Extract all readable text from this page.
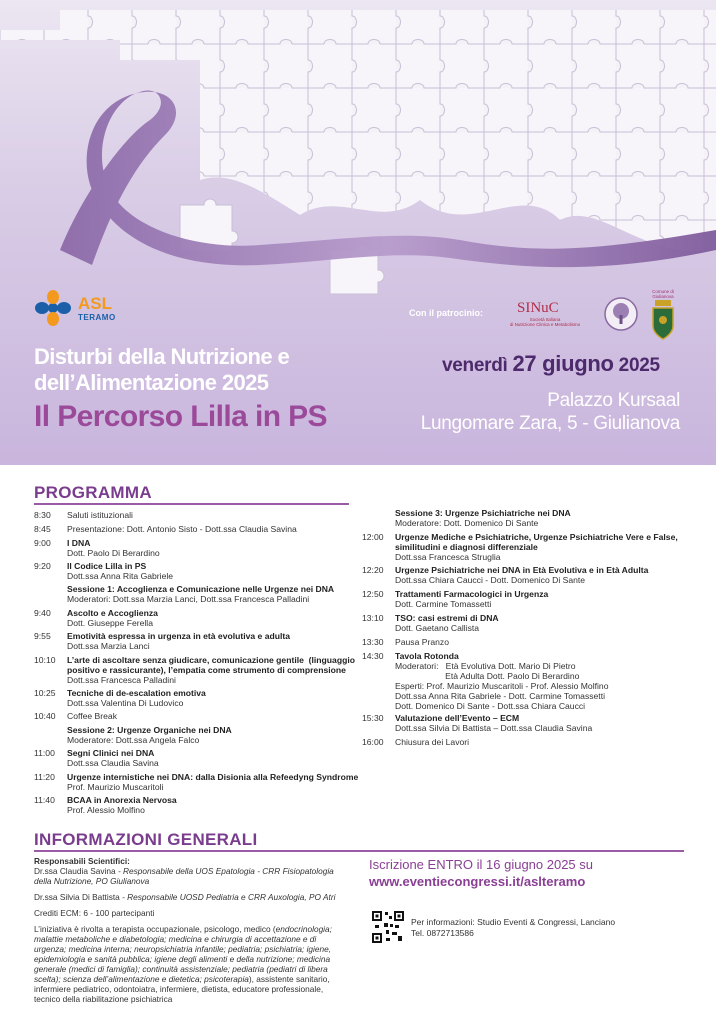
ASL
TERAMO
Disturbi della Nutrizione e
dell’Alimentazione 2025
Il Percorso Lilla in PS
Con il patrocinio: SINuC
Società Italiana
di Nutrizione Clinica e Metabolismo
Comune di Giulianova
venerdì 27 giugno 2025
Palazzo Kursaal
Lungomare Zara, 5 - Giulianova
PROGRAMMA
8:30	Saluti istituzionali
8:45	Presentazione: Dott. Antonio Sisto - Dott.ssa Claudia Savina
9:00	I DNA
Dott. Paolo Di Berardino
9:20	Il Codice Lilla in PS
Dott.ssa Anna Rita Gabriele
Sessione 1: Accoglienza e Comunicazione nelle Urgenze nei DNA
Moderatori: Dott.ssa Marzia Lanci, Dott.ssa Francesca Palladini
9:40	Ascolto e Accoglienza
Dott. Giuseppe Ferella
9:55	Emotività espressa in urgenza in età evolutiva e adulta
Dott.ssa Marzia Lanci
10:10	L’arte di ascoltare senza giudicare, comunicazione gentile  (linguaggio
positivo e rassicurante), l’empatia come strumento di comprensione
Dott.ssa Francesca Palladini
10:25	Tecniche di de-escalation emotiva
Dott.ssa Valentina Di Ludovico
10:40	Coffee Break
Sessione 2: Urgenze Organiche nei DNA
Moderatore: Dott.ssa Angela Falco
11:00	Segni Clinici nei DNA
Dott.ssa Claudia Savina
11:20	Urgenze internistiche nei DNA: dalla Disionia alla Refeedyng Syndrome
Prof. Maurizio Muscaritoli
11:40	BCAA in Anorexia Nervosa
Prof. Alessio Molfino
Sessione 3: Urgenze Psichiatriche nei DNA
Moderatore: Dott. Domenico Di Sante
12:00	Urgenze Mediche e Psichiatriche, Urgenze Psichiatriche Vere e False,
similitudini e diagnosi differenziale
Dott.ssa Francesca Struglia
12:20	Urgenze Psichiatriche nei DNA in Età Evolutiva e in Età Adulta
Dott.ssa Chiara Caucci - Dott. Domenico Di Sante
12:50	Trattamenti Farmacologici in Urgenza
Dott. Carmine Tomassetti
13:10	TSO: casi estremi di DNA
Dott. Gaetano Callista
13:30	Pausa Pranzo
14:30	Tavola Rotonda
Moderatori:   Età Evolutiva Dott. Mario Di Pietro
Età Adulta Dott. Paolo Di Berardino
Esperti: Prof. Maurizio Muscaritoli - Prof. Alessio Molfino
Dott.ssa Anna Rita Gabriele - Dott. Carmine Tomassetti
Dott. Domenico Di Sante - Dott.ssa Chiara Caucci
15:30	Valutazione dell’Evento – ECM
Dott.ssa Silvia Di Battista – Dott.ssa Claudia Savina
16:00	Chiusura dei Lavori
INFORMAZIONI GENERALI

Responsabili Scientifici:
Dr.ssa Claudia Savina - Responsabile della UOS Epatologia - CRR Fisiopatologia della Nutrizione, PO Giulianova

Dr.ssa Silvia Di Battista - Responsabile UOSD Pediatria e CRR Auxologia, PO Atri

Crediti ECM: 6 - 100 partecipanti

L’iniziativa è rivolta a terapista occupazionale, psicologo, medico (endocrinologia; malattie metaboliche e diabetologia; medicina e chirurgia di accettazione e di urgenza; medicina interna; neuropsichiatria infantile; pediatria; psichiatria; igiene, epidemiologia e sanità pubblica; igiene degli alimenti e della nutrizione; medicina generale (medici di famiglia); continuità assistenziale; pediatria (pediatri di libera scelta); scienza dell’alimentazione e dietetica; psicoterapia), assistente sanitario, infermiere pediatrico, odontoiatra, infermiere, dietista, educatore professionale, tecnico della riabilitazione psichiatrica

Iscrizione ENTRO il 16 giugno 2025 su
www.eventiecongressi.it/aslteramo
Per informazioni: Studio Eventi & Congressi, Lanciano
Tel. 0872713586
